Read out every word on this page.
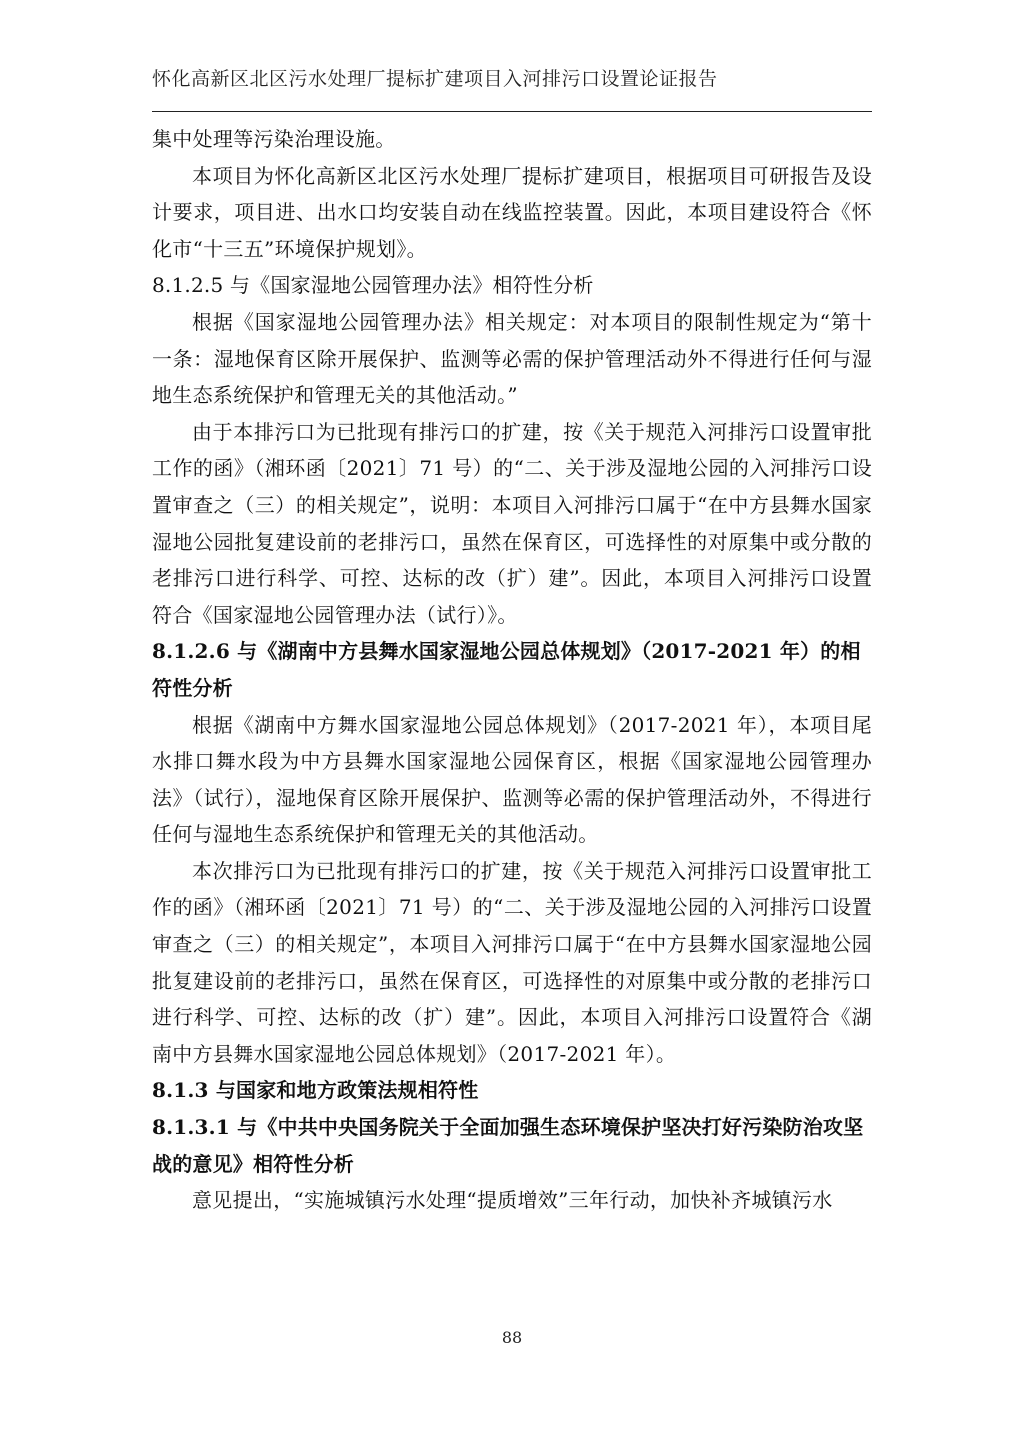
怀化高新区北区污水处理厂提标扩建项目入河排污口设置论证报告

集中处理等污染治理设施。

本项目为怀化高新区北区污水处理厂提标扩建项目，根据项目可研报告及设计要求，项目进、出水口均安装自动在线监控装置。因此，本项目建设符合《怀化市“十三五”环境保护规划》。

8.1.2.5 与《国家湿地公园管理办法》相符性分析

根据《国家湿地公园管理办法》相关规定：对本项目的限制性规定为“第十一条：湿地保育区除开展保护、监测等必需的保护管理活动外不得进行任何与湿地生态系统保护和管理无关的其他活动。”

由于本排污口为已批现有排污口的扩建，按《关于规范入河排污口设置审批工作的函》（湘环函〔2021〕71 号）的“二、关于涉及湿地公园的入河排污口设置审查之（三）的相关规定”，说明：本项目入河排污口属于“在中方县舞水国家湿地公园批复建设前的老排污口，虽然在保育区，可选择性的对原集中或分散的老排污口进行科学、可控、达标的改（扩）建”。因此，本项目入河排污口设置符合《国家湿地公园管理办法（试行）》。

8.1.2.6 与《湖南中方县舞水国家湿地公园总体规划》（2017-2021 年）的相符性分析

根据《湖南中方舞水国家湿地公园总体规划》（2017-2021 年），本项目尾水排口舞水段为中方县舞水国家湿地公园保育区，根据《国家湿地公园管理办法》（试行），湿地保育区除开展保护、监测等必需的保护管理活动外，不得进行任何与湿地生态系统保护和管理无关的其他活动。

本次排污口为已批现有排污口的扩建，按《关于规范入河排污口设置审批工作的函》（湘环函〔2021〕71 号）的“二、关于涉及湿地公园的入河排污口设置审查之（三）的相关规定”，本项目入河排污口属于“在中方县舞水国家湿地公园批复建设前的老排污口，虽然在保育区，可选择性的对原集中或分散的老排污口进行科学、可控、达标的改（扩）建”。因此，本项目入河排污口设置符合《湖南中方县舞水国家湿地公园总体规划》（2017-2021 年）。

8.1.3 与国家和地方政策法规相符性

8.1.3.1 与《中共中央国务院关于全面加强生态环境保护坚决打好污染防治攻坚战的意见》相符性分析

意见提出，“实施城镇污水处理“提质增效”三年行动，加快补齐城镇污水

88
